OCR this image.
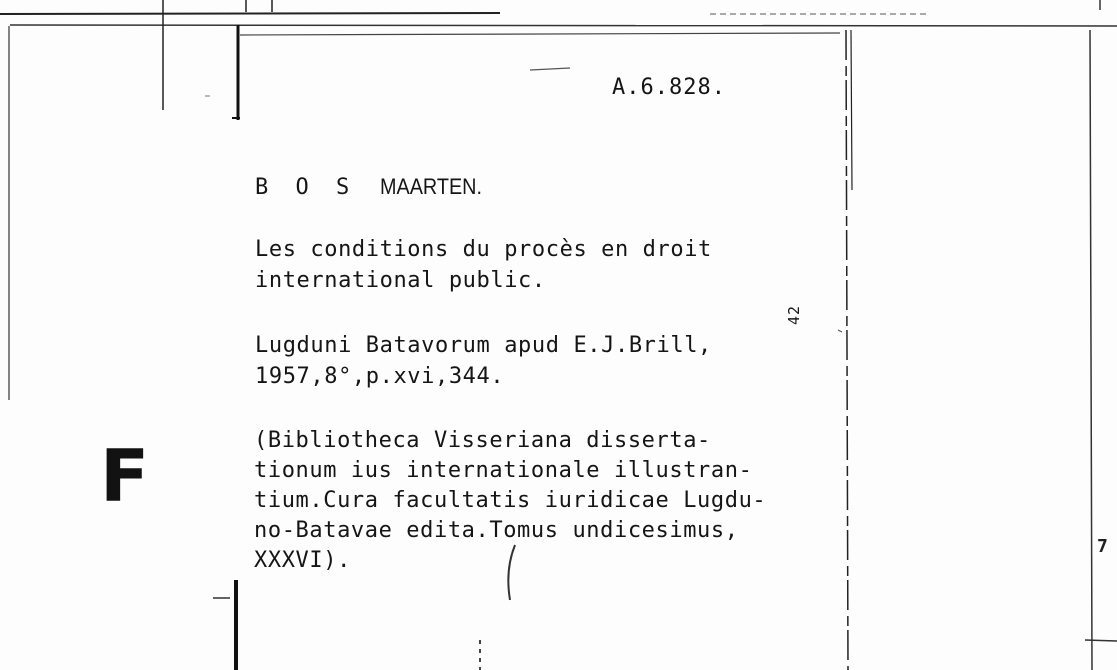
A.6.828.
B O S MAARTEN.
Les conditions du procès en droit
international public.
Lugduni Batavorum apud E.J.Brill,
1957,8°,p.xvi,344.
42
(Bibliotheca Visseriana disserta-
tionum ius internationale illustran-
tium.Cura facultatis iuridicae Lugdu-
no-Batavae edita.Tomus undicesimus,
XXXVI).
F
7
